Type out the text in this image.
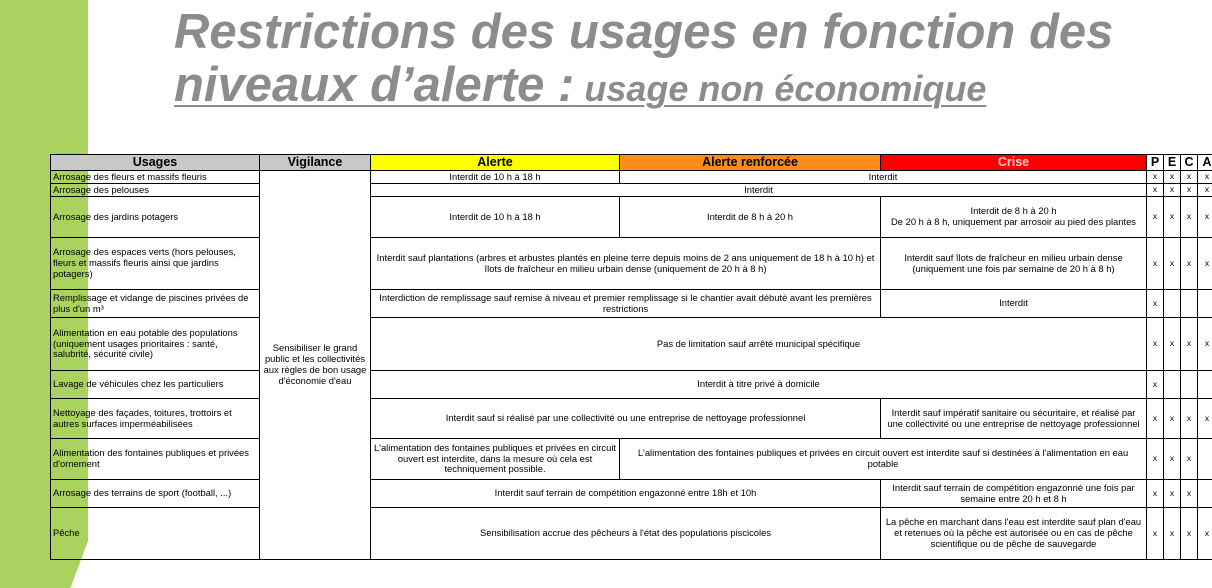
Restrictions des usages en fonction des
niveaux d’alerte : usage non économique
Usages	Vigilance	Alerte	Alerte renforcée	Crise	P	E	C	A
Arrosage des fleurs et massifs fleuris	Sensibiliser le grand public et les collectivités aux règles de bon usage d'économie d'eau	Interdit de 10 h à 18 h	Interdit		x	x	x	x
Arrosage des pelouses		Interdit			x	x	x	x
Arrosage des jardins potagers		Interdit de 10 h à 18 h	Interdit de 8 h à 20 h	Interdit de 8 h à 20 h
De 20 h à 8 h, uniquement par arrosoir au pied des plantes	x	x	x	x
Arrosage des espaces verts (hors pelouses, fleurs et massifs fleuris ainsi que jardins potagers)		Interdit sauf plantations (arbres et arbustes plantés en pleine terre depuis moins de 2 ans uniquement de 18 h à 10 h) et îlots de fraîcheur en milieu urbain dense (uniquement de 20 h à 8 h)		Interdit sauf îlots de fraîcheur en milieu urbain dense (uniquement une fois par semaine de 20 h à 8 h)	x	x	x	x
Remplissage et vidange de piscines privées de plus d'un m³		Interdiction de remplissage sauf remise à niveau et premier remplissage si le chantier avait débuté avant les premières restrictions		Interdit	x			
Alimentation en eau potable des populations
(uniquement usages prioritaires : santé, salubrité, sécurité civile)		Pas de limitation sauf arrêté municipal spécifique			x	x	x	x
Lavage de véhicules chez les particuliers		Interdit à titre privé à domicile			x			
Nettoyage des façades, toitures, trottoirs et autres surfaces imperméabilisées		Interdit sauf si réalisé par une collectivité ou une entreprise de nettoyage professionnel		Interdit sauf impératif sanitaire ou sécuritaire, et réalisé par une collectivité ou une entreprise de nettoyage professionnel	x	x	x	x
Alimentation des fontaines publiques et privées d'ornement		L'alimentation des fontaines publiques et privées en circuit ouvert est interdite, dans la mesure où cela est techniquement possible.	L'alimentation des fontaines publiques et privées en circuit ouvert est interdite sauf si destinées à l'alimentation en eau potable		x	x	x	
Arrosage des terrains de sport (football, ...)		Interdit sauf terrain de compétition engazonné entre 18h et 10h		Interdit sauf terrain de compétition engazonné une fois par semaine entre 20 h et 8 h	x	x	x	
Pêche		Sensibilisation accrue des pêcheurs à l'état des populations piscicoles		La pêche en marchant dans l'eau est interdite sauf plan d'eau et retenues où la pêche est autorisée ou en cas de pêche scientifique ou de pêche de sauvegarde	x	x	x	x
